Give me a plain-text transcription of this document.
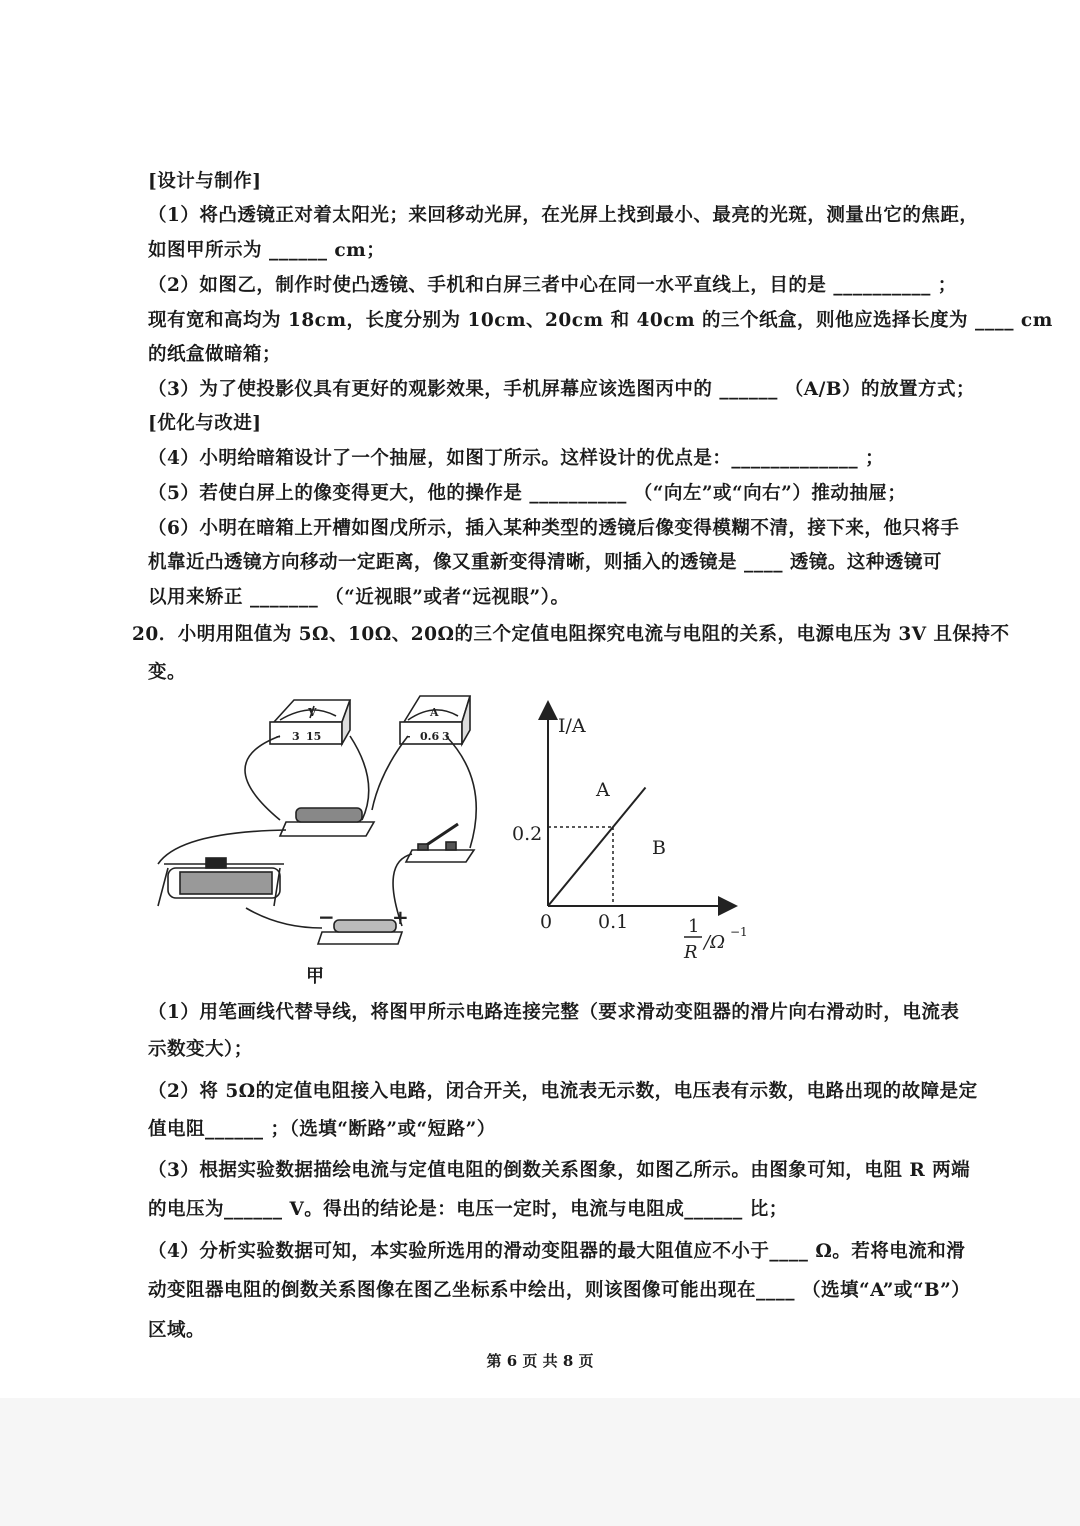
[设计与制作]
（1）将凸透镜正对着太阳光；来回移动光屏，在光屏上找到最小、最亮的光斑，测量出它的焦距，
如图甲所示为 ______ cm；
（2）如图乙，制作时使凸透镜、手机和白屏三者中心在同一水平直线上，目的是 __________ ；
现有宽和高均为 18cm，长度分别为 10cm、20cm 和 40cm 的三个纸盒，则他应选择长度为 ____ cm
的纸盒做暗箱；
（3）为了使投影仪具有更好的观影效果，手机屏幕应该选图丙中的 ______ （A/B）的放置方式；
[优化与改进]
（4）小明给暗箱设计了一个抽屉，如图丁所示。这样设计的优点是：_____________ ；
（5）若使白屏上的像变得更大，他的操作是 __________ （“向左”或“向右”）推动抽屉；
（6）小明在暗箱上开槽如图戊所示，插入某种类型的透镜后像变得模糊不清，接下来，他只将手
机靠近凸透镜方向移动一定距离，像又重新变得清晰，则插入的透镜是 ____ 透镜。这种透镜可
以用来矫正 _______ （“近视眼”或者“远视眼”）。
20．小明用阻值为 5Ω、10Ω、20Ω的三个定值电阻探究电流与电阻的关系，电源电压为 3V 且保持不
变。
V
- 3 15
A
- 0.6 3
−	+
甲
I/A
0.2
0 0.1
A
B
1
R /Ω −1
（1）用笔画线代替导线，将图甲所示电路连接完整（要求滑动变阻器的滑片向右滑动时，电流表
示数变大）；
（2）将 5Ω的定值电阻接入电路，闭合开关，电流表无示数，电压表有示数，电路出现的故障是定
值电阻______ ；（选填“断路”或“短路”）
（3）根据实验数据描绘电流与定值电阻的倒数关系图象，如图乙所示。由图象可知，电阻 R 两端
的电压为______ V。得出的结论是：电压一定时，电流与电阻成______ 比；
（4）分析实验数据可知，本实验所选用的滑动变阻器的最大阻值应不小于____ Ω。若将电流和滑
动变阻器电阻的倒数关系图像在图乙坐标系中绘出，则该图像可能出现在____ （选填“A”或“B”）
区域。
第 6 页 共 8 页
